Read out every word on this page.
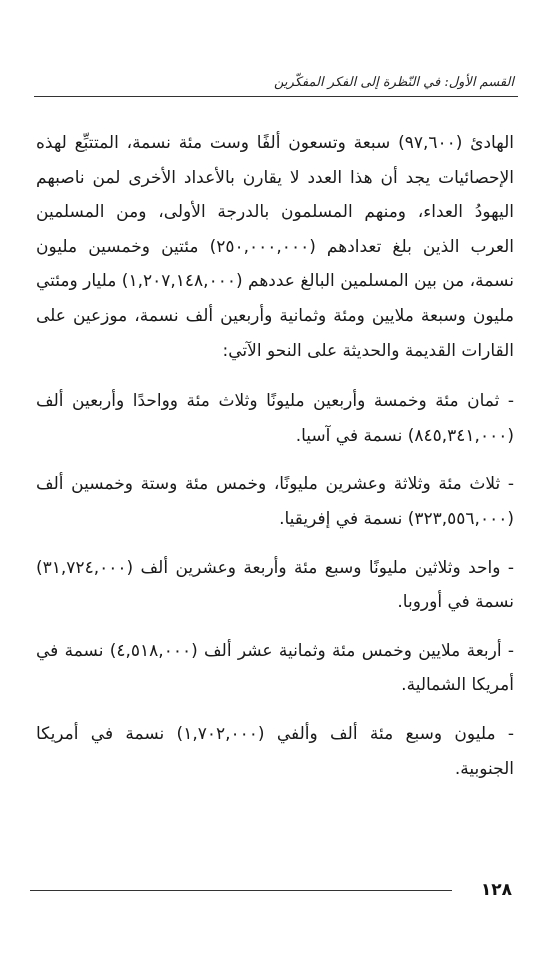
القسم الأول: في النّظرة إلى الفكر المفكّرين

الهادئ (٩٧,٦٠٠) سبعة وتسعون ألفًا وست مئة نسمة، المتتبِّع لهذه الإحصائيات يجد أن هذا العدد لا يقارن بالأعداد الأخرى لمن ناصبهم اليهودُ العداء، ومنهم المسلمون بالدرجة الأولى، ومن المسلمين العرب الذين بلغ تعدادهم (٢٥٠,٠٠٠,٠٠٠) مئتين وخمسين مليون نسمة، من بين المسلمين البالغ عددهم (١,٢٠٧,١٤٨,٠٠٠) مليار ومئتي مليون وسبعة ملايين ومئة وثمانية وأربعين ألف نسمة، موزعين على القارات القديمة والحديثة على النحو الآتي:

- ثمان مئة وخمسة وأربعين مليونًا وثلاث مئة وواحدًا وأربعين ألف (٨٤٥,٣٤١,٠٠٠) نسمة في آسيا.

- ثلاث مئة وثلاثة وعشرين مليونًا، وخمس مئة وستة وخمسين ألف (٣٢٣,٥٥٦,٠٠٠) نسمة في إفريقيا.

- واحد وثلاثين مليونًا وسبع مئة وأربعة وعشرين ألف (٣١,٧٢٤,٠٠٠) نسمة في أوروبا.

- أربعة ملايين وخمس مئة وثمانية عشر ألف (٤,٥١٨,٠٠٠) نسمة في أمريكا الشمالية.

- مليون وسبع مئة ألف وألفي (١,٧٠٢,٠٠٠) نسمة في أمريكا الجنوبية.

١٢٨
